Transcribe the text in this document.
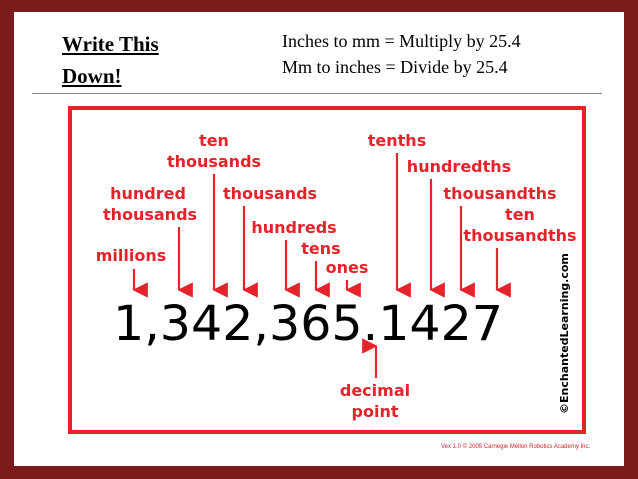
Write This
Down!
Inches to mm = Multiply by 25.4
Mm to inches = Divide by 25.4
millions
hundred
thousands
ten
thousands
thousands
hundreds
tens
ones
tenths
hundredths
thousandths
ten
thousandths
decimal
point
1,342,365.1427	©EnchantedLearning.com
Vex 1.0 © 2005 Carnegie Mellon Robotics Academy Inc.
